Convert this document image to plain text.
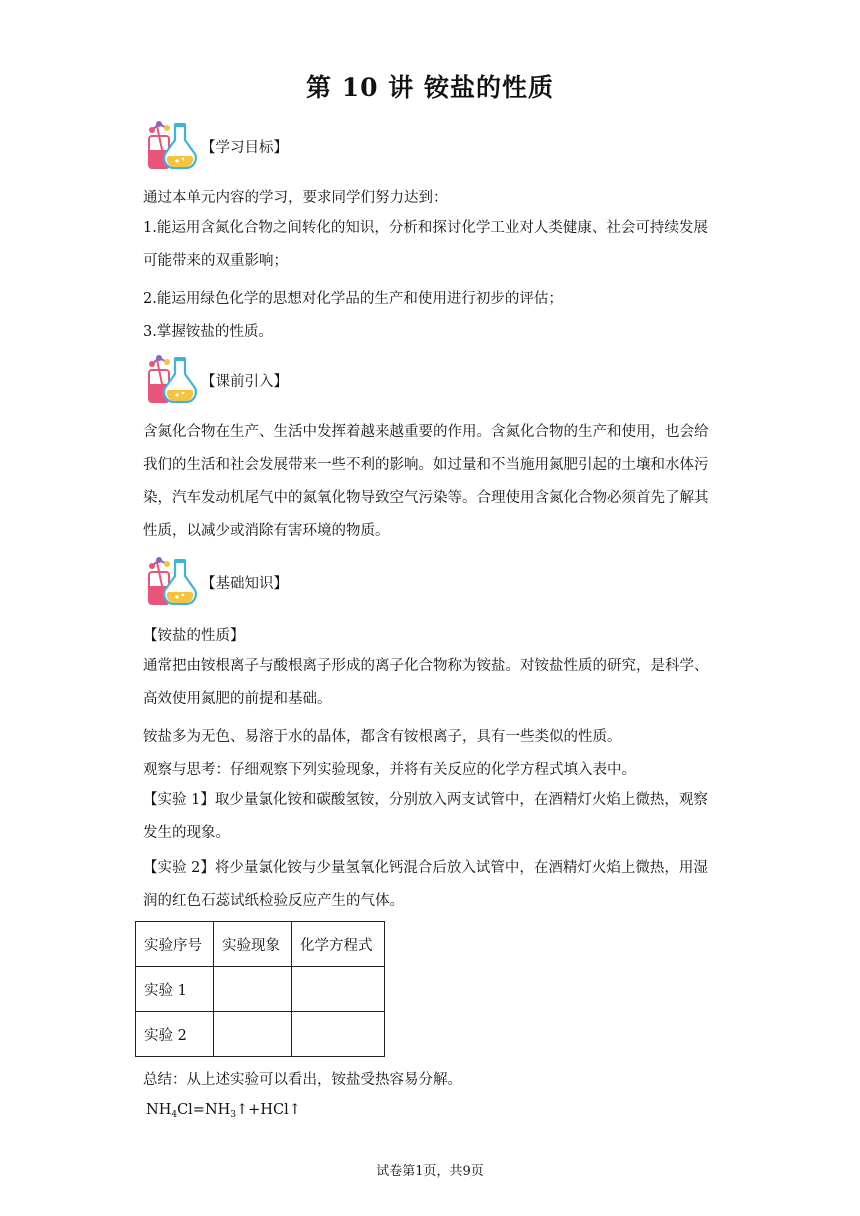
第 10 讲 铵盐的性质
【学习目标】
通过本单元内容的学习，要求同学们努力达到：

1.能运用含氮化合物之间转化的知识，分析和探讨化学工业对人类健康、社会可持续发展可能带来的双重影响；

2.能运用绿色化学的思想对化学品的生产和使用进行初步的评估；
3.掌握铵盐的性质。
【课前引入】

含氮化合物在生产、生活中发挥着越来越重要的作用。含氮化合物的生产和使用，也会给我们的生活和社会发展带来一些不利的影响。如过量和不当施用氮肥引起的土壤和水体污染，汽车发动机尾气中的氮氧化物导致空气污染等。合理使用含氮化合物必须首先了解其性质，以减少或消除有害环境的物质。

【基础知识】
【铵盐的性质】

通常把由铵根离子与酸根离子形成的离子化合物称为铵盐。对铵盐性质的研究，是科学、高效使用氮肥的前提和基础。

铵盐多为无色、易溶于水的晶体，都含有铵根离子，具有一些类似的性质。
观察与思考：仔细观察下列实验现象，并将有关反应的化学方程式填入表中。

【实验 1】取少量氯化铵和碳酸氢铵，分别放入两支试管中，在酒精灯火焰上微热，观察发生的现象。

【实验 2】将少量氯化铵与少量氢氧化钙混合后放入试管中，在酒精灯火焰上微热，用湿润的红色石蕊试纸检验反应产生的气体。

实验序号	实验现象	化学方程式
实验 1		
实验 2		
总结：从上述实验可以看出，铵盐受热容易分解。
$NH_4Cl=NH_3↑+HCl↑$
试卷第1页，共9页
